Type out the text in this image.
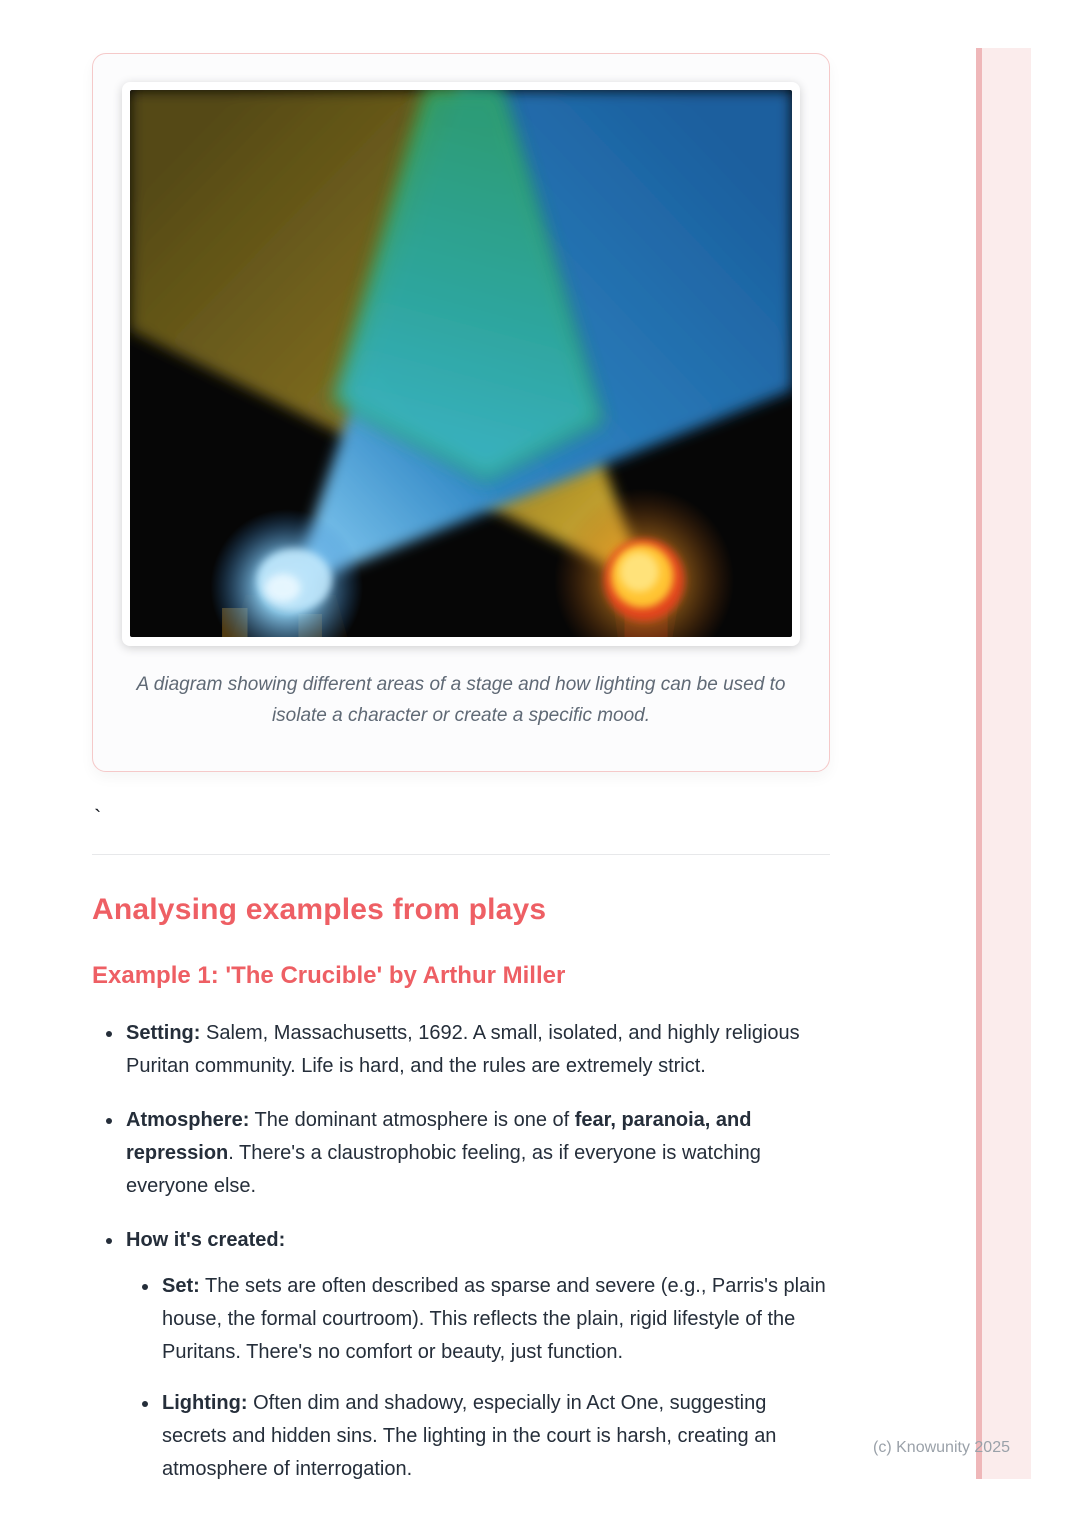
A diagram showing different areas of a stage and how lighting can be used to isolate a character or create a specific mood.
`
Analysing examples from plays
Example 1: 'The Crucible' by Arthur Miller
• Setting: Salem, Massachusetts, 1692. A small, isolated, and highly religious Puritan community. Life is hard, and the rules are extremely strict.
• Atmosphere: The dominant atmosphere is one of fear, paranoia, and repression. There's a claustrophobic feeling, as if everyone is watching everyone else.
• How it's created:
• Set: The sets are often described as sparse and severe (e.g., Parris's plain house, the formal courtroom). This reflects the plain, rigid lifestyle of the Puritans. There's no comfort or beauty, just function.
• Lighting: Often dim and shadowy, especially in Act One, suggesting secrets and hidden sins. The lighting in the court is harsh, creating an atmosphere of interrogation.
(c) Knowunity 2025
